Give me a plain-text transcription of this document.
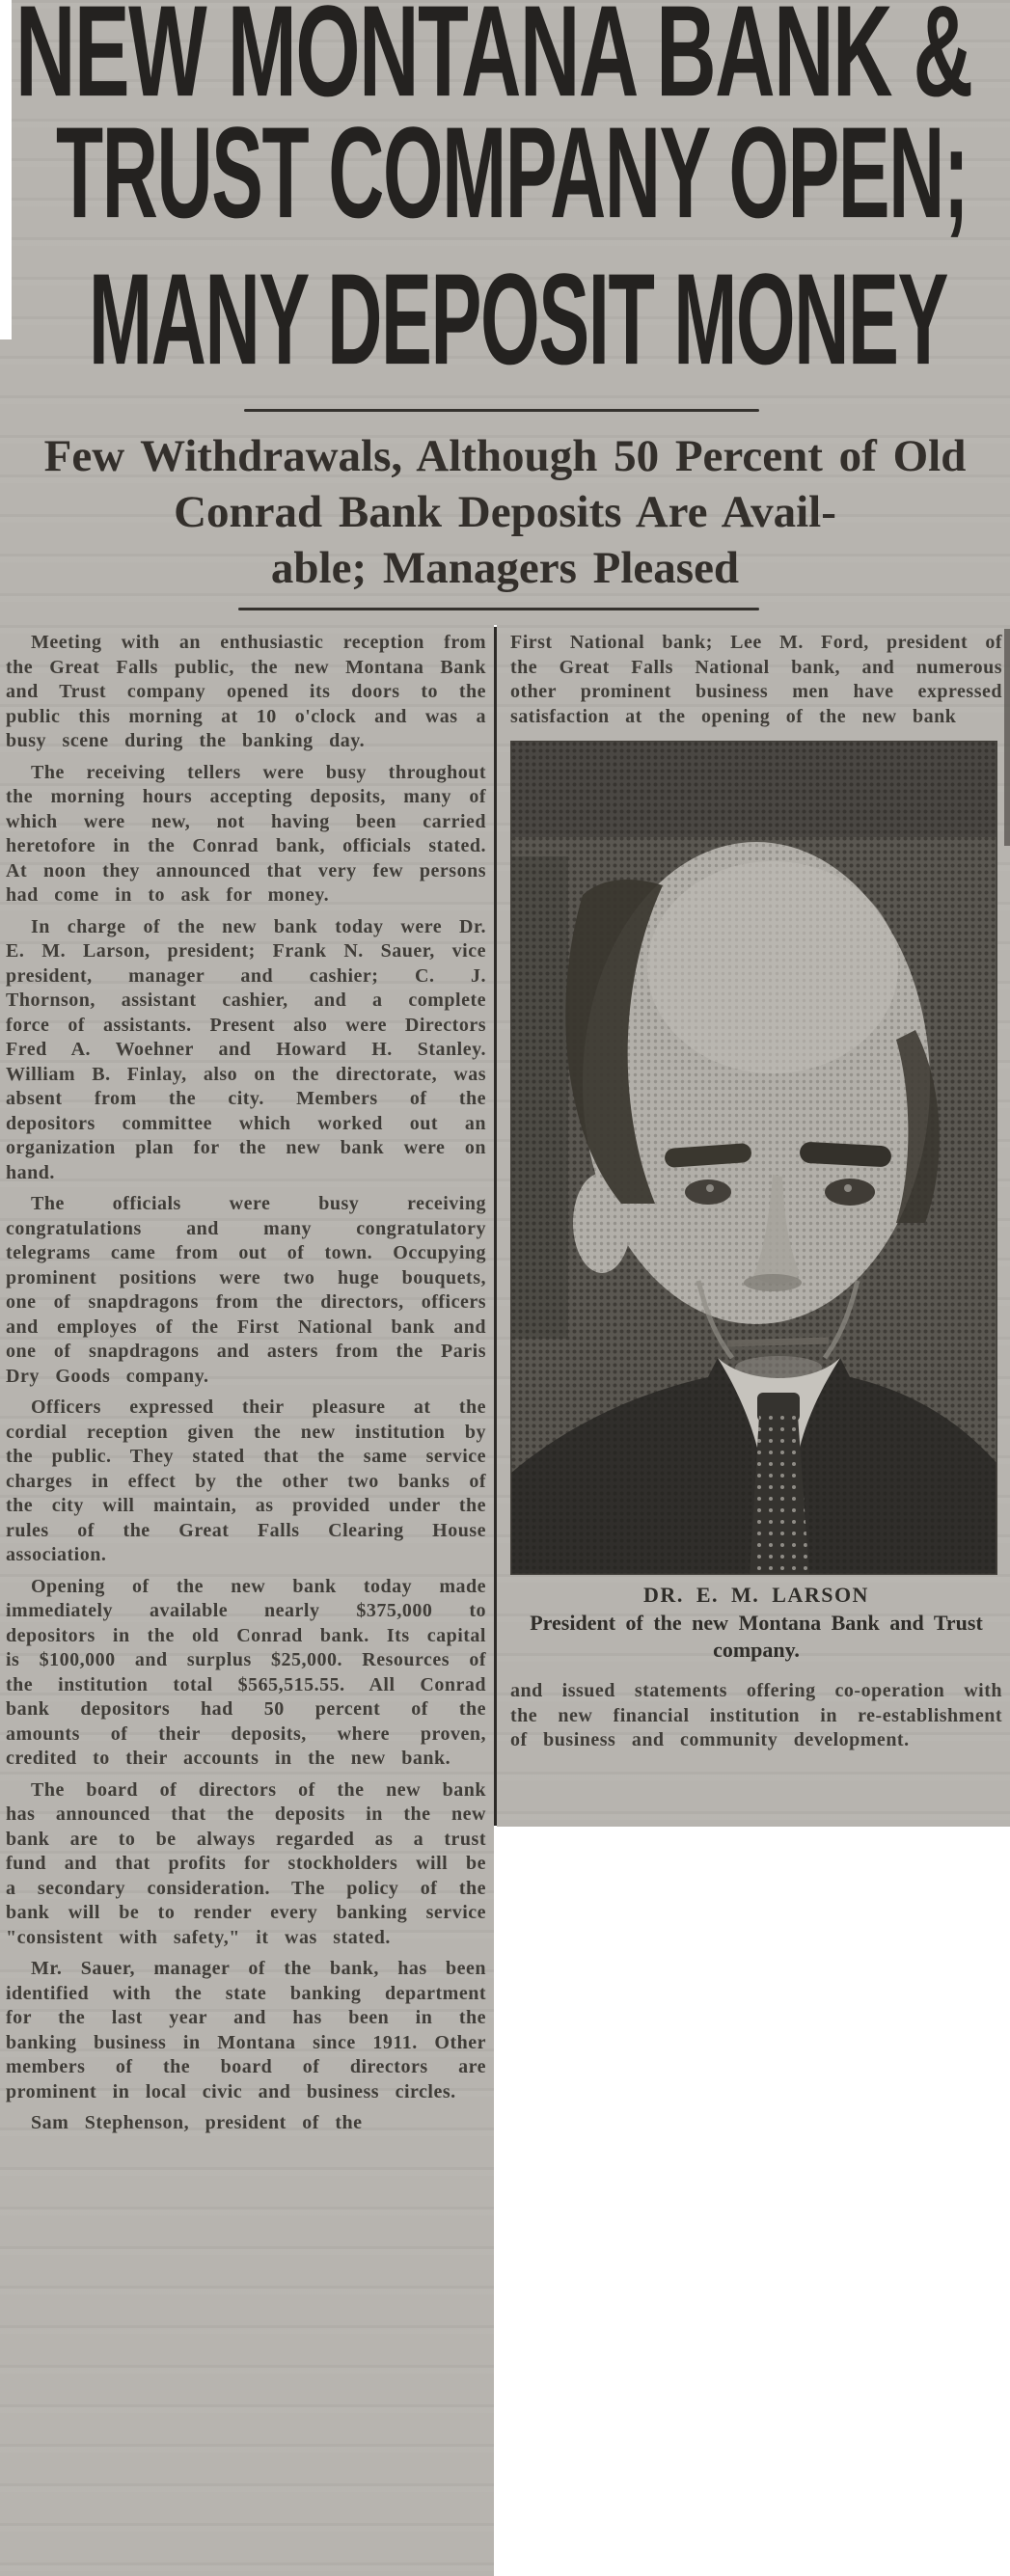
NEW MONTANA BANK &
TRUST COMPANY OPEN;
MANY DEPOSIT MONEY
Few Withdrawals, Although 50 Percent of Old
Conrad Bank Deposits Are Avail-
able; Managers Pleased

Meeting with an enthusiastic reception from the Great Falls public, the new Montana Bank and Trust company opened its doors to the public this morning at 10 o'clock and was a busy scene during the banking day.

The receiving tellers were busy throughout the morning hours accepting deposits, many of which were new, not having been carried heretofore in the Conrad bank, officials stated. At noon they announced that very few persons had come in to ask for money.

In charge of the new bank today were Dr. E. M. Larson, president; Frank N. Sauer, vice president, manager and cashier; C. J. Thornson, assistant cashier, and a complete force of assistants. Present also were Directors Fred A. Woehner and Howard H. Stanley. William B. Finlay, also on the directorate, was absent from the city. Members of the depositors committee which worked out an organization plan for the new bank were on hand.

The officials were busy receiving congratulations and many congratulatory telegrams came from out of town. Occupying prominent positions were two huge bouquets, one of snapdragons from the directors, officers and employes of the First National bank and one of snapdragons and asters from the Paris Dry Goods company.

Officers expressed their pleasure at the cordial reception given the new institution by the public. They stated that the same service charges in effect by the other two banks of the city will maintain, as provided under the rules of the Great Falls Clearing House association.

Opening of the new bank today made immediately available nearly $375,000 to depositors in the old Conrad bank. Its capital is $100,000 and surplus $25,000. Resources of the institution total $565,515.55. All Conrad bank depositors had 50 percent of the amounts of their deposits, where proven, credited to their accounts in the new bank.

The board of directors of the new bank has announced that the deposits in the new bank are to be always regarded as a trust fund and that profits for stockholders will be a secondary consideration. The policy of the bank will be to render every banking service "consistent with safety," it was stated.

Mr. Sauer, manager of the bank, has been identified with the state banking department for the last year and has been in the banking business in Montana since 1911. Other members of the board of directors are prominent in local civic and business circles.

Sam Stephenson, president of the

First National bank; Lee M. Ford, president of the Great Falls National bank, and numerous other prominent business men have expressed satisfaction at the opening of the new bank

DR. E. M. LARSON
President of the new Montana Bank and Trust company.

and issued statements offering co-operation with the new financial institution in re-establishment of business and community development.
